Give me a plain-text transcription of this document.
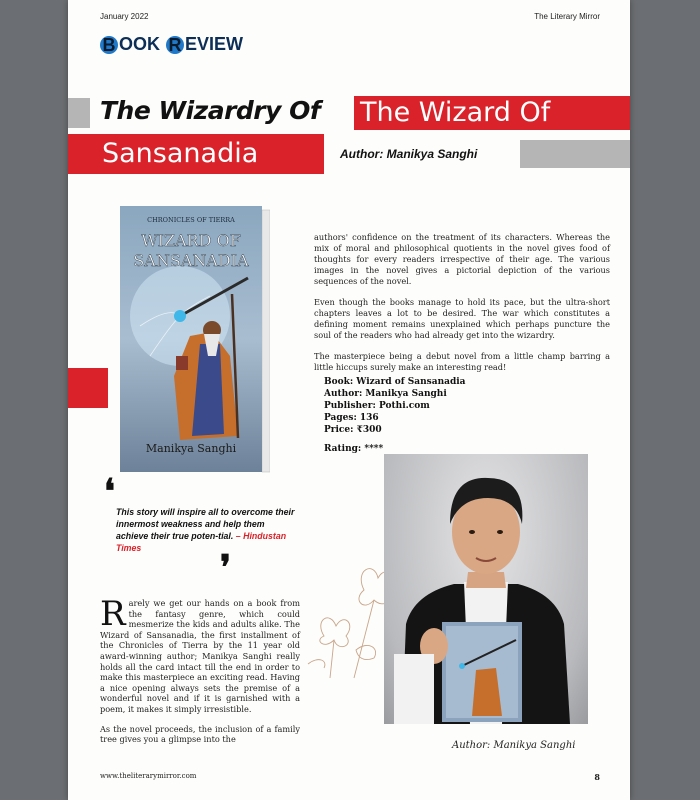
January 2022	The Literary Mirror
B OOK R EVIEW
The Wizardry Of The Wizard Of
Sansanadia	Author: Manikya Sanghi
CHRONICLES OF TIERRA
WIZARD OF
SANSANADIA
Manikya Sanghi

authors' confidence on the treatment of its characters. Whereas the mix of moral and philosophical quotients in the novel gives food of thoughts for every readers irrespective of their age. The various images in the novel gives a pictorial depiction of the various sequences of the novel.

Even though the books manage to hold its pace, but the ultra-short chapters leaves a lot to be desired. The war which constitutes a defining moment remains unexplained which perhaps puncture the soul of the readers who had already get into the wizardry.

The masterpiece being a debut novel from a little champ barring a little hiccups surely make an interesting read!

Book: Wizard of Sansanadia
Author: Manikya Sanghi
Publisher: Pothi.com
Pages: 136
Price: ₹300
Rating: ****
Author: Manikya Sanghi
❛ This story will inspire all to overcome their innermost weakness and help them achieve their true poten-tial. – Hindustan Times	❜

Rarely we get our hands on a book from the fantasy genre, which could mesmerize the kids and adults alike. The Wizard of Sansanadia, the first installment of the Chronicles of Tierra by the 11 year old award-winning author; Manikya Sanghi really holds all the card intact till the end in order to make this masterpiece an exciting read. Having a nice opening always sets the premise of a wonderful novel and if it is garnished with a poem, it makes it simply irresistible.

As the novel proceeds, the inclusion of a family tree gives you a glimpse into the

www.theliterarymirror.com	8
